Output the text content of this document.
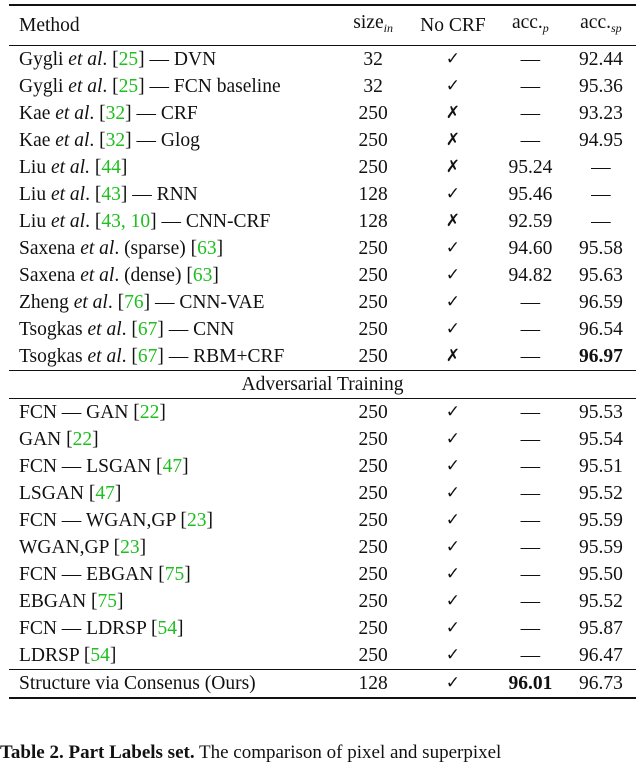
Method	size$_{in}$	No CRF	$acc._p$	$acc._{sp}$
Gygli et al. [25] — DVN	32	✓	—	92.44
Gygli et al. [25] — FCN baseline	32	✓	—	95.36
Kae et al. [32] — CRF	250	✗	—	93.23
Kae et al. [32] — Glog	250	✗	—	94.95
Liu et al. [44]	250	✗	95.24	—
Liu et al. [43] — RNN	128	✓	95.46	—
Liu et al. [43, 10] — CNN-CRF	128	✗	92.59	—
Saxena et al. (sparse) [63]	250	✓	94.60	95.58
Saxena et al. (dense) [63]	250	✓	94.82	95.63
Zheng et al. [76] — CNN-VAE	250	✓	—	96.59
Tsogkas et al. [67] — CNN	250	✓	—	96.54
Tsogkas et al. [67] — RBM+CRF	250	✗	—	96.97
Adversarial Training				
FCN — GAN [22]	250	✓	—	95.53
GAN [22]	250	✓	—	95.54
FCN — LSGAN [47]	250	✓	—	95.51
LSGAN [47]	250	✓	—	95.52
FCN — WGAN,GP [23]	250	✓	—	95.59
WGAN,GP [23]	250	✓	—	95.59
FCN — EBGAN [75]	250	✓	—	95.50
EBGAN [75]	250	✓	—	95.52
FCN — LDRSP [54]	250	✓	—	95.87
LDRSP [54]	250	✓	—	96.47
Structure via Consenus (Ours)	128	✓	96.01	96.73
Table 2. Part Labels set. The comparison of pixel and superpixel
